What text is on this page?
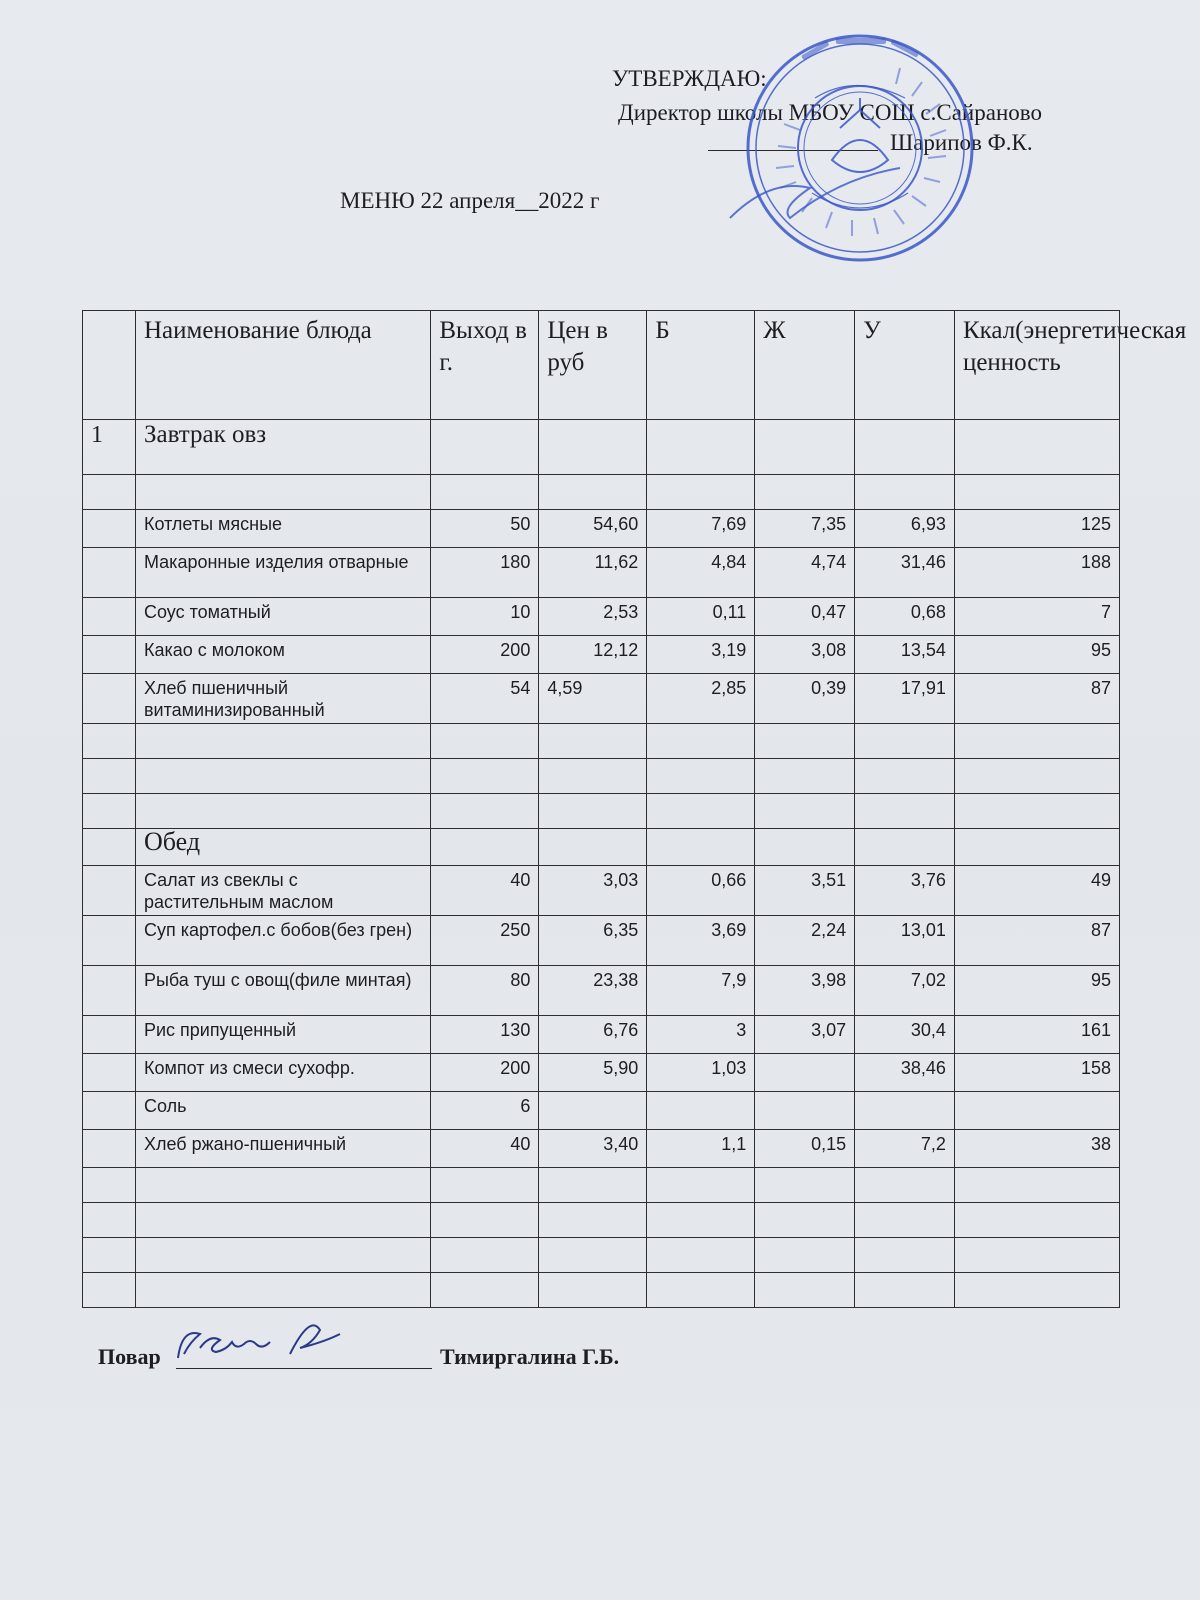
УТВЕРЖДАЮ:
Директор школы МБОУ СОШ с.Сайраново
Шарипов Ф.К.
МЕНЮ 22 апреля__2022 г
	Наименование блюда	Выход в г.	Цен в руб	Б	Ж	У	Ккал(энергетическая ценность
1	Завтрак овз						

	Котлеты мясные	50	54,60	7,69	7,35	6,93	125
	Макаронные изделия отварные	180	11,62	4,84	4,74	31,46	188
	Соус томатный	10	2,53	0,11	0,47	0,68	7
	Какао с молоком	200	12,12	3,19	3,08	13,54	95
	Хлеб пшеничный витаминизированный	54	4,59	2,85	0,39	17,91	87

	Обед						
	Салат из свеклы с растительным маслом	40	3,03	0,66	3,51	3,76	49
	Суп картофел.с бобов(без грен)	250	6,35	3,69	2,24	13,01	87
	Рыба туш с овощ(филе минтая)	80	23,38	7,9	3,98	7,02	95
	Рис припущенный	130	6,76	3	3,07	30,4	161
	Компот из смеси сухофр.	200	5,90	1,03		38,46	158
	Соль	6					
	Хлеб ржано-пшеничный	40	3,40	1,1	0,15	7,2	38

Повар	Тимиргалина Г.Б.
